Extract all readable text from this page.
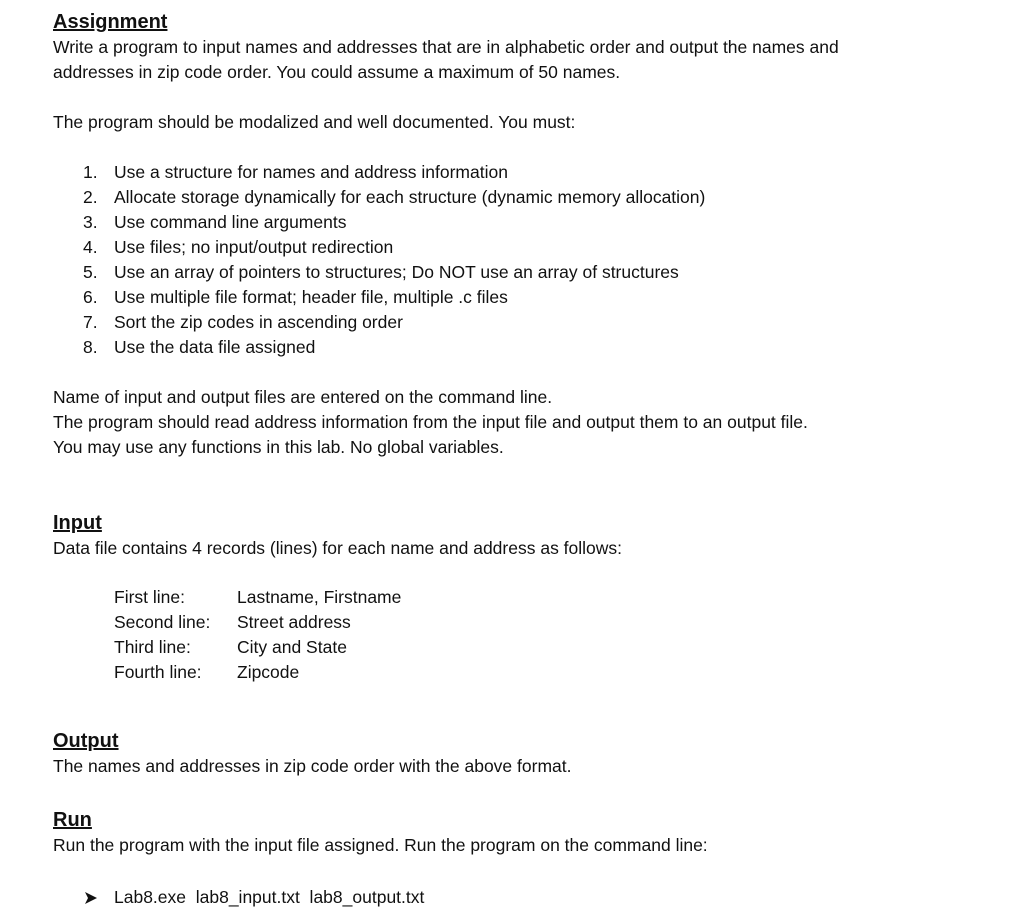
Assignment

Write a program to input names and addresses that are in alphabetic order and output the names and

addresses in zip code order. You could assume a maximum of 50 names.

The program should be modalized and well documented. You must:

1. Use a structure for names and address information
2. Allocate storage dynamically for each structure (dynamic memory allocation)
3. Use command line arguments
4. Use files; no input/output redirection
5. Use an array of pointers to structures; Do NOT use an array of structures
6. Use multiple file format; header file, multiple .c files
7. Sort the zip codes in ascending order
8. Use the data file assigned

Name of input and output files are entered on the command line.

The program should read address information from the input file and output them to an output file.

You may use any functions in this lab. No global variables.

Input

Data file contains 4 records (lines) for each name and address as follows:

First line:	Lastname, Firstname
Second line:	Street address
Third line:	City and State
Fourth line:	Zipcode
Output

The names and addresses in zip code order with the above format.

Run

Run the program with the input file assigned. Run the program on the command line:

Lab8.exe  lab8_input.txt  lab8_output.txt
